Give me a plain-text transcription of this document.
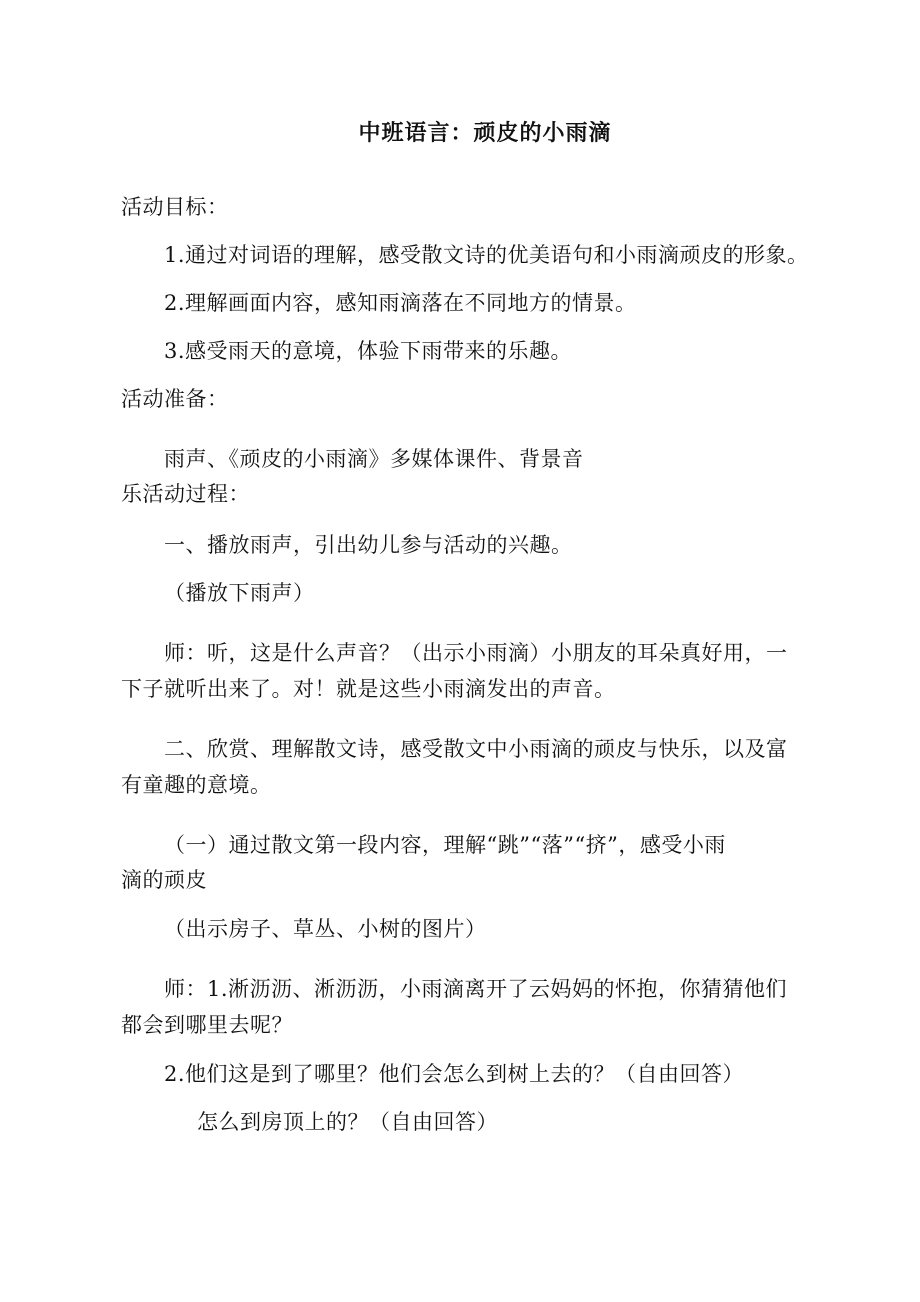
中班语言：顽皮的小雨滴
活动目标：
1.通过对词语的理解，感受散文诗的优美语句和小雨滴顽皮的形象。
2.理解画面内容，感知雨滴落在不同地方的情景。
3.感受雨天的意境，体验下雨带来的乐趣。
活动准备：
雨声、《顽皮的小雨滴》多媒体课件、背景音
乐活动过程：
一、播放雨声，引出幼儿参与活动的兴趣。
（播放下雨声）
师：听，这是什么声音？（出示小雨滴）小朋友的耳朵真好用，一
下子就听出来了。对！就是这些小雨滴发出的声音。
二、欣赏、理解散文诗，感受散文中小雨滴的顽皮与快乐，以及富
有童趣的意境。
（一）通过散文第一段内容，理解“跳”“落”“挤”，感受小雨
滴的顽皮
（出示房子、草丛、小树的图片）
师：1.淅沥沥、淅沥沥，小雨滴离开了云妈妈的怀抱，你猜猜他们
都会到哪里去呢？
2.他们这是到了哪里？他们会怎么到树上去的？（自由回答）
怎么到房顶上的？（自由回答）
